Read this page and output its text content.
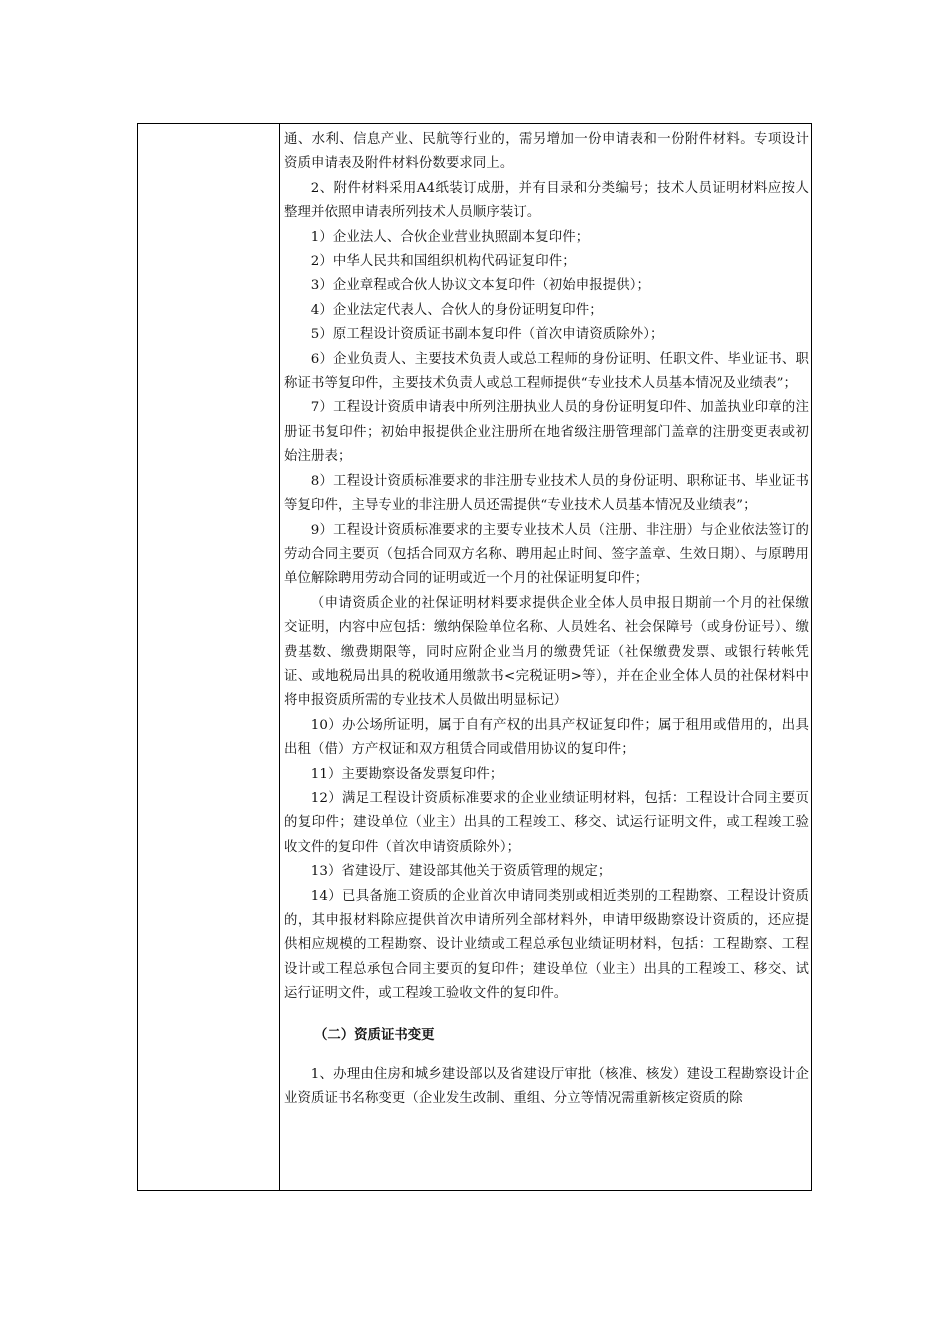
通、水利、信息产业、民航等行业的，需另增加一份申请表和一份附件材料。专项设计资质申请表及附件材料份数要求同上。

2、附件材料采用A4纸装订成册，并有目录和分类编号；技术人员证明材料应按人整理并依照申请表所列技术人员顺序装订。

1）企业法人、合伙企业营业执照副本复印件；

2）中华人民共和国组织机构代码证复印件；

3）企业章程或合伙人协议文本复印件（初始申报提供）；

4）企业法定代表人、合伙人的身份证明复印件；

5）原工程设计资质证书副本复印件（首次申请资质除外）；

6）企业负责人、主要技术负责人或总工程师的身份证明、任职文件、毕业证书、职称证书等复印件，主要技术负责人或总工程师提供“专业技术人员基本情况及业绩表”；

7）工程设计资质申请表中所列注册执业人员的身份证明复印件、加盖执业印章的注册证书复印件；初始申报提供企业注册所在地省级注册管理部门盖章的注册变更表或初始注册表；

8）工程设计资质标准要求的非注册专业技术人员的身份证明、职称证书、毕业证书等复印件，主导专业的非注册人员还需提供“专业技术人员基本情况及业绩表”；

9）工程设计资质标准要求的主要专业技术人员（注册、非注册）与企业依法签订的劳动合同主要页（包括合同双方名称、聘用起止时间、签字盖章、生效日期）、与原聘用单位解除聘用劳动合同的证明或近一个月的社保证明复印件；

（申请资质企业的社保证明材料要求提供企业全体人员申报日期前一个月的社保缴交证明，内容中应包括：缴纳保险单位名称、人员姓名、社会保障号（或身份证号）、缴费基数、缴费期限等，同时应附企业当月的缴费凭证（社保缴费发票、或银行转帐凭证、或地税局出具的税收通用缴款书<完税证明>等），并在企业全体人员的社保材料中将申报资质所需的专业技术人员做出明显标记）

10）办公场所证明，属于自有产权的出具产权证复印件；属于租用或借用的，出具出租（借）方产权证和双方租赁合同或借用协议的复印件；

11）主要勘察设备发票复印件；

12）满足工程设计资质标准要求的企业业绩证明材料，包括：工程设计合同主要页的复印件；建设单位（业主）出具的工程竣工、移交、试运行证明文件，或工程竣工验收文件的复印件（首次申请资质除外）；

13）省建设厅、建设部其他关于资质管理的规定；

14）已具备施工资质的企业首次申请同类别或相近类别的工程勘察、工程设计资质的，其申报材料除应提供首次申请所列全部材料外，申请甲级勘察设计资质的，还应提供相应规模的工程勘察、设计业绩或工程总承包业绩证明材料，包括：工程勘察、工程设计或工程总承包合同主要页的复印件；建设单位（业主）出具的工程竣工、移交、试运行证明文件，或工程竣工验收文件的复印件。

（二）资质证书变更

1、办理由住房和城乡建设部以及省建设厅审批（核准、核发）建设工程勘察设计企业资质证书名称变更（企业发生改制、重组、分立等情况需重新核定资质的除
